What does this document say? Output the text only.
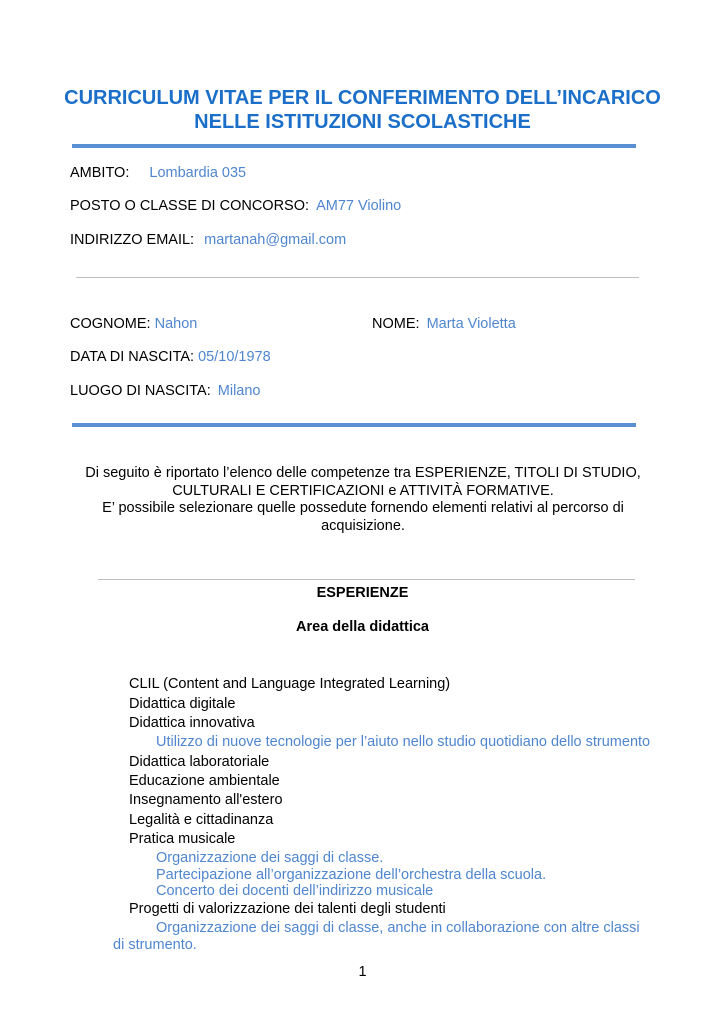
CURRICULUM VITAE PER IL CONFERIMENTO DELL’INCARICO
NELLE ISTITUZIONI SCOLASTICHE
AMBITO: Lombardia 035
POSTO O CLASSE DI CONCORSO: AM77 Violino
INDIRIZZO EMAIL: martanah@gmail.com
COGNOME: Nahon	NOME: Marta Violetta
DATA DI NASCITA: 05/10/1978
LUOGO DI NASCITA: Milano
Di seguito è riportato l’elenco delle competenze tra ESPERIENZE, TITOLI DI STUDIO,
CULTURALI E CERTIFICAZIONI e ATTIVITÀ FORMATIVE.
E’ possibile selezionare quelle possedute fornendo elementi relativi al percorso di
acquisizione.
ESPERIENZE
Area della didattica
CLIL (Content and Language Integrated Learning)
Didattica digitale
Didattica innovativa
Utilizzo di nuove tecnologie per l’aiuto nello studio quotidiano dello strumento
Didattica laboratoriale
Educazione ambientale
Insegnamento all'estero
Legalità e cittadinanza
Pratica musicale
Organizzazione dei saggi di classe.
Partecipazione all’organizzazione dell’orchestra della scuola.
Concerto dei docenti dell’indirizzo musicale
Progetti di valorizzazione dei talenti degli studenti
Organizzazione dei saggi di classe, anche in collaborazione con altre classi
di strumento.
1
